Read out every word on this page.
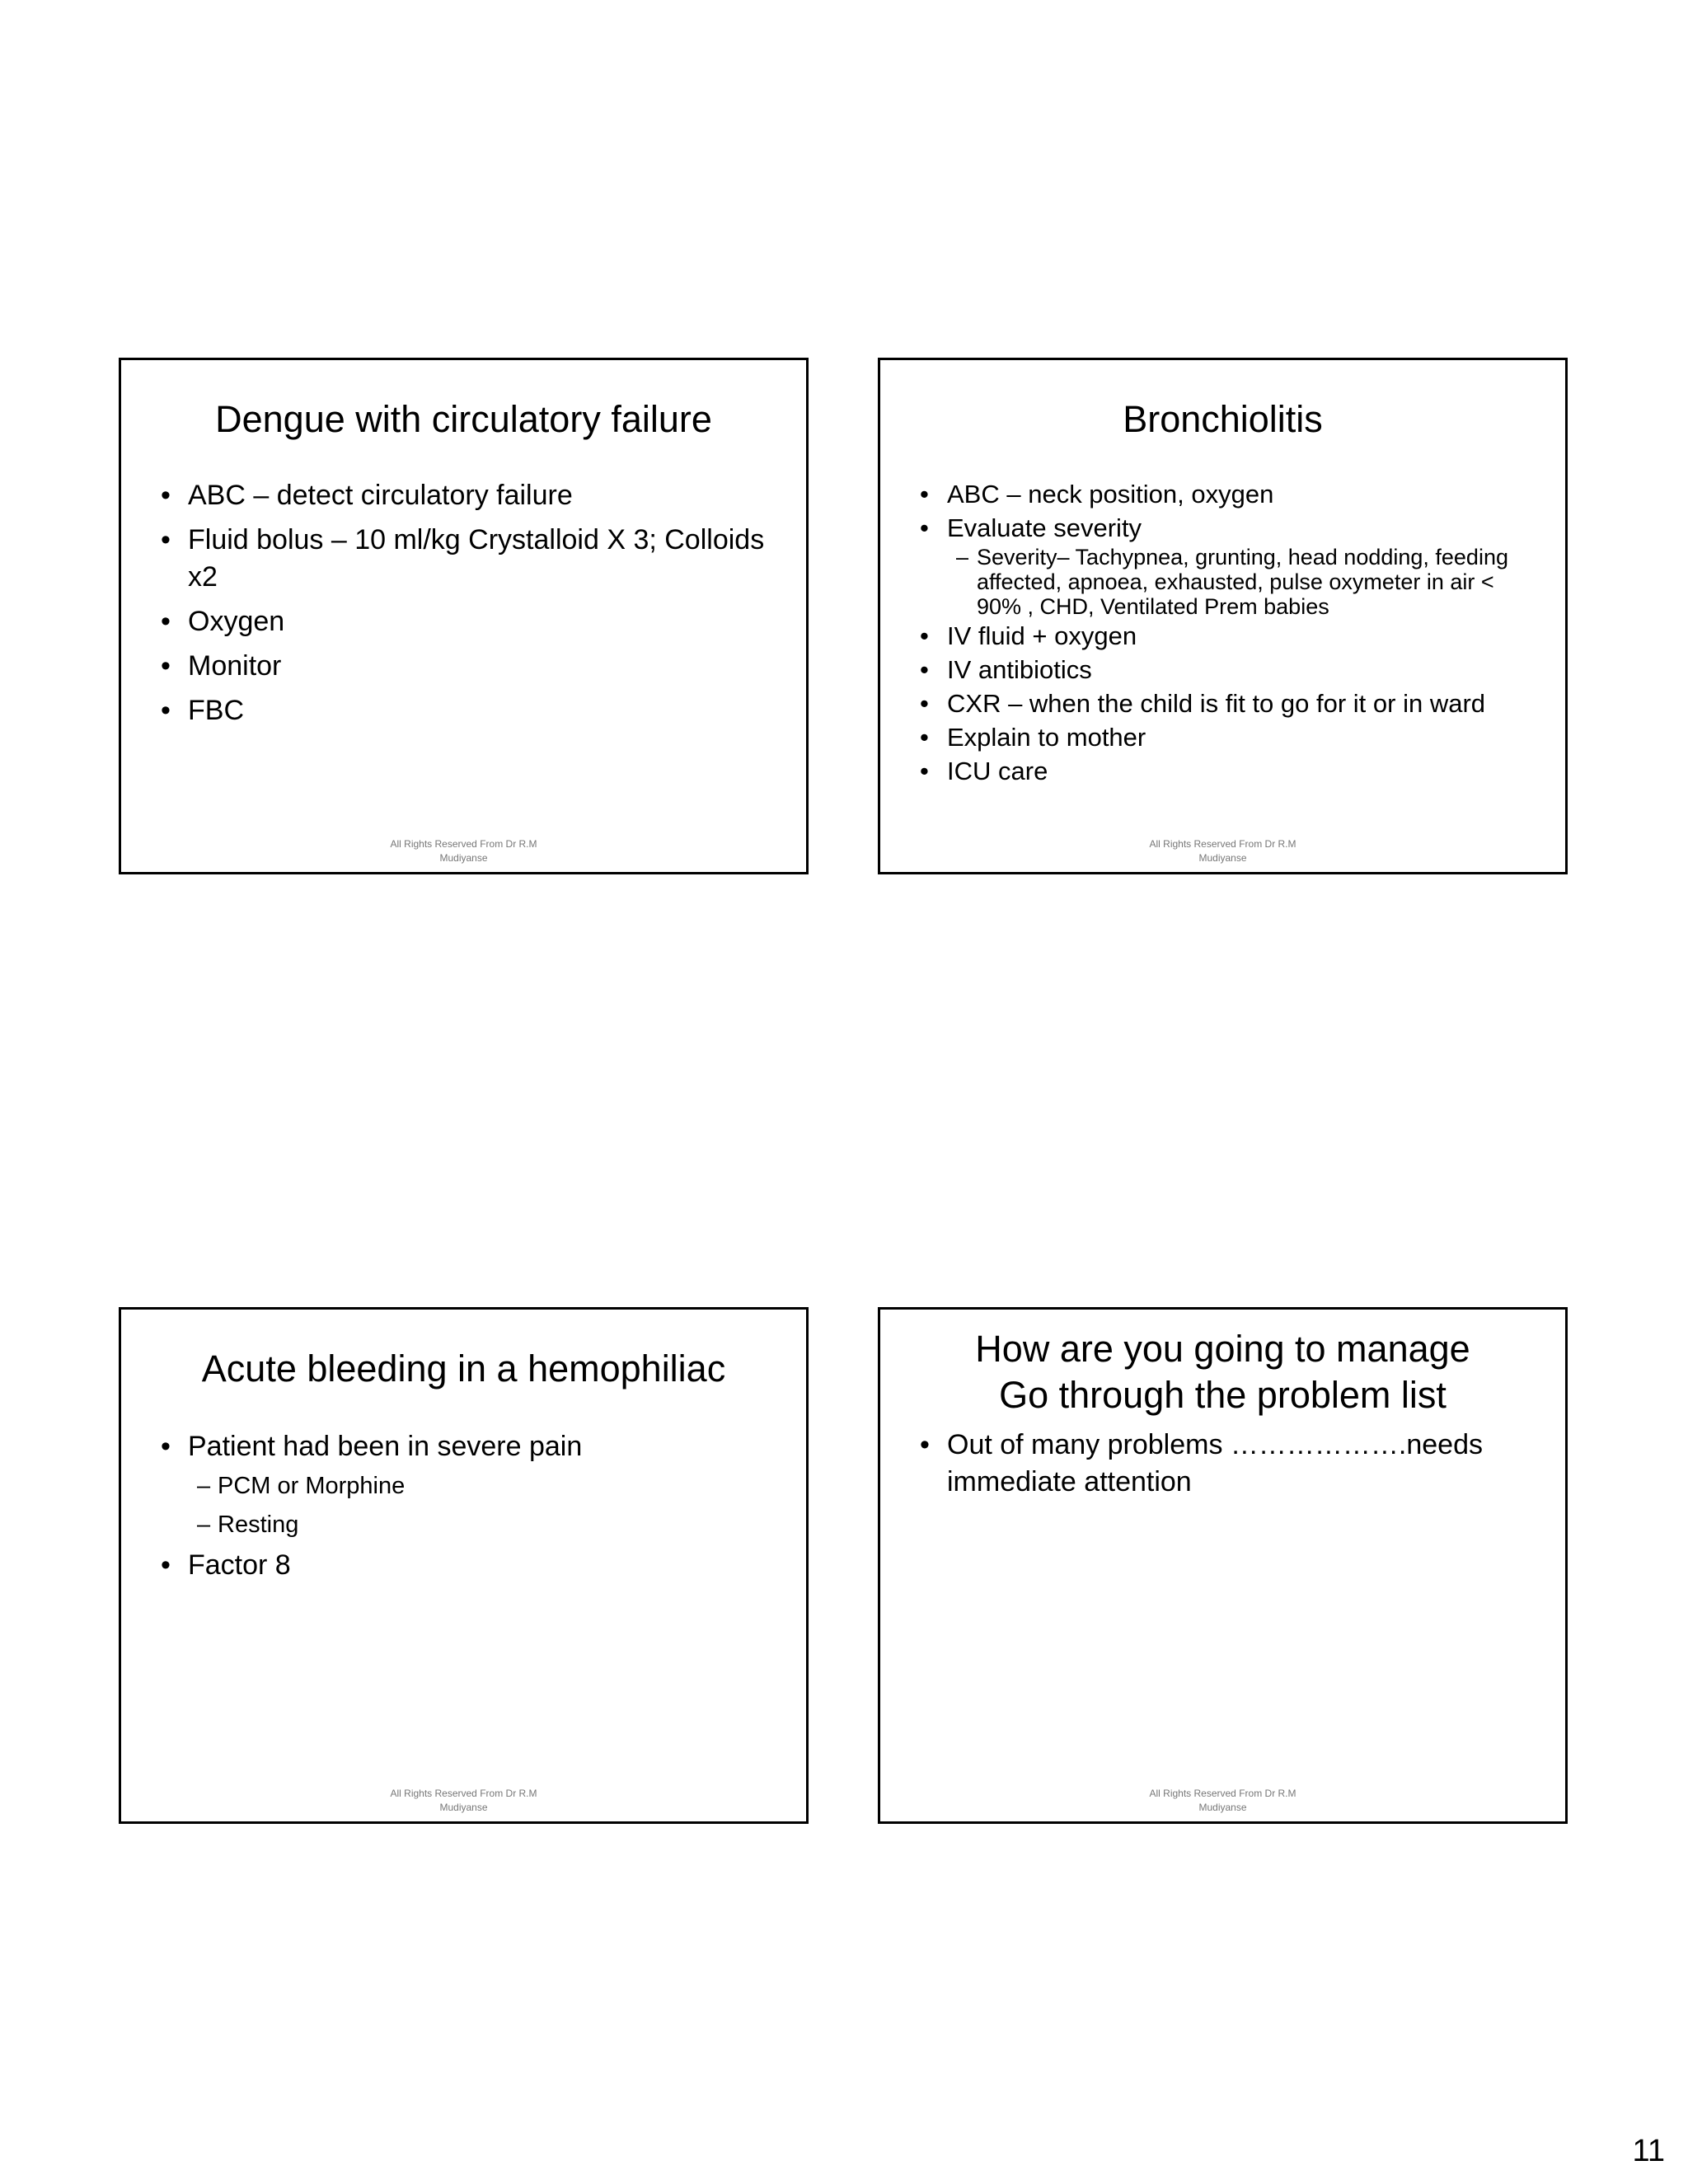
Dengue with circulatory failure
• ABC – detect circulatory failure
• Fluid bolus – 10 ml/kg Crystalloid X 3; Colloids x2
• Oxygen
• Monitor
• FBC
All Rights Reserved From Dr R.M
Mudiyanse
Bronchiolitis
• ABC – neck position, oxygen
• Evaluate severity
– Severity– Tachypnea, grunting, head nodding, feeding affected, apnoea, exhausted, pulse oxymeter in air < 90% , CHD, Ventilated Prem babies
• IV fluid + oxygen
• IV antibiotics
• CXR – when the child is fit to go for it or in ward
• Explain to mother
• ICU care
All Rights Reserved From Dr R.M
Mudiyanse
Acute bleeding in a hemophiliac
• Patient had been in severe pain
– PCM or Morphine
– Resting
• Factor 8
All Rights Reserved From Dr R.M
Mudiyanse
How are you going to manage
Go through the problem list
• Out of many problems ……………….needs immediate attention
All Rights Reserved From Dr R.M
Mudiyanse
11
